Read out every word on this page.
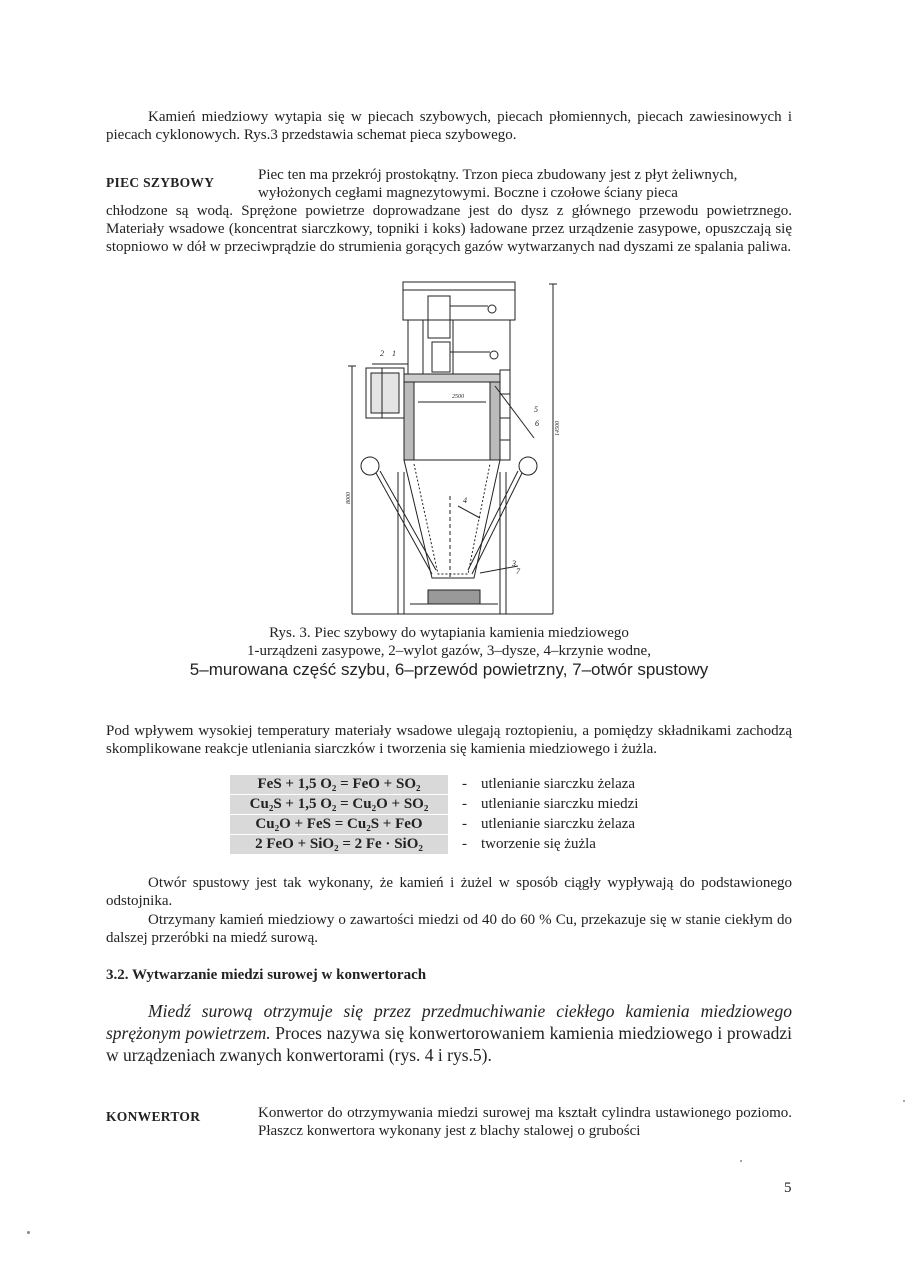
Kamień miedziowy wytapia się w piecach szybowych, piecach płomiennych, piecach zawiesinowych i piecach cyklonowych. Rys.3 przedstawia schemat pieca szybowego.

PIEC SZYBOWY	Piec ten ma przekrój prostokątny. Trzon pieca zbudowany jest z płyt żeliwnych,

wyłożonych cegłami magnezytowymi. Boczne i czołowe ściany pieca

chłodzone są wodą. Sprężone powietrze doprowadzane jest do dysz z głównego przewodu powietrznego. Materiały wsadowe (koncentrat siarczkowy, topniki i koks) ładowane przez urządzenie zasypowe, opuszczają się stopniowo w dół w przeciwprądzie do strumienia gorących gazów wytwarzanych nad dyszami ze spalania paliwa.

2 1
2500
5
6
4
3
7
8000
14500
Rys. 3. Piec szybowy do wytapiania kamienia miedziowego
1-urządzeni zasypowe, 2–wylot gazów, 3–dysze, 4–krzynie wodne,
5–murowana część szybu, 6–przewód powietrzny, 7–otwór spustowy

Pod wpływem wysokiej temperatury materiały wsadowe ulegają roztopieniu, a pomiędzy składnikami zachodzą skomplikowane reakcje utleniania siarczków i tworzenia się kamienia miedziowego i żużla.

FeS + 1,5 O₂ = FeO + SO₂	- utlenianie siarczku żelaza
Cu₂S + 1,5 O₂ = Cu₂O + SO₂	- utlenianie siarczku miedzi
Cu₂O + FeS = Cu₂S + FeO	- utlenianie siarczku żelaza
2 FeO + SiO₂ = 2 Fe · SiO₂	- tworzenie się żużla

Otwór spustowy jest tak wykonany, że kamień i żużel w sposób ciągły wypływają do podstawionego odstojnika.

Otrzymany kamień miedziowy o zawartości miedzi od 40 do 60 % Cu, przekazuje się w stanie ciekłym do dalszej przeróbki na miedź surową.

3.2. Wytwarzanie miedzi surowej w konwertorach

Miedź surową otrzymuje się przez przedmuchiwanie ciekłego kamienia miedziowego sprężonym powietrzem. Proces nazywa się konwertorowaniem kamienia miedziowego i prowadzi w urządzeniach zwanych konwertorami (rys. 4 i rys.5).

KONWERTOR	Konwertor do otrzymywania miedzi surowej ma kształt cylindra ustawionego poziomo. Płaszcz konwertora wykonany jest z blachy stalowej o grubości

5
